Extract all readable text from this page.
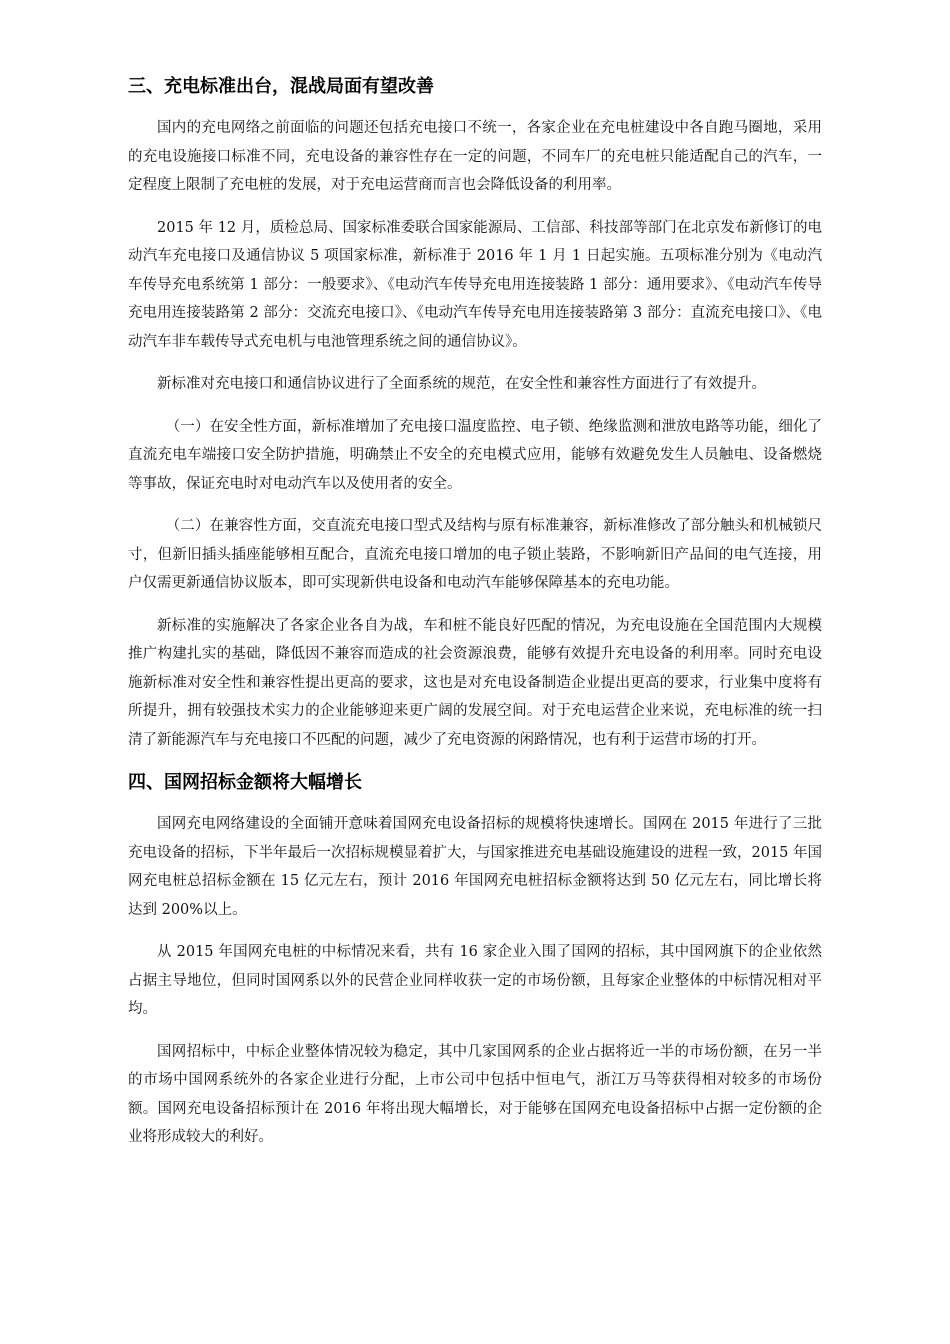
三、充电标准出台，混战局面有望改善

国内的充电网络之前面临的问题还包括充电接口不统一，各家企业在充电桩建设中各自跑马圈地，采用的充电设施接口标准不同，充电设备的兼容性存在一定的问题，不同车厂的充电桩只能适配自己的汽车，一定程度上限制了充电桩的发展，对于充电运营商而言也会降低设备的利用率。

2015 年 12 月，质检总局、国家标准委联合国家能源局、工信部、科技部等部门在北京发布新修订的电动汽车充电接口及通信协议 5 项国家标准，新标准于 2016 年 1 月 1 日起实施。五项标准分别为《电动汽车传导充电系统第 1 部分：一般要求》、《电动汽车传导充电用连接装路 1 部分：通用要求》、《电动汽车传导充电用连接装路第 2 部分：交流充电接口》、《电动汽车传导充电用连接装路第 3 部分：直流充电接口》、《电动汽车非车载传导式充电机与电池管理系统之间的通信协议》。

新标准对充电接口和通信协议进行了全面系统的规范，在安全性和兼容性方面进行了有效提升。

（一）在安全性方面，新标准增加了充电接口温度监控、电子锁、绝缘监测和泄放电路等功能，细化了直流充电车端接口安全防护措施，明确禁止不安全的充电模式应用，能够有效避免发生人员触电、设备燃烧等事故，保证充电时对电动汽车以及使用者的安全。

（二）在兼容性方面，交直流充电接口型式及结构与原有标准兼容，新标准修改了部分触头和机械锁尺寸，但新旧插头插座能够相互配合，直流充电接口增加的电子锁止装路，不影响新旧产品间的电气连接，用户仅需更新通信协议版本，即可实现新供电设备和电动汽车能够保障基本的充电功能。

新标准的实施解决了各家企业各自为战，车和桩不能良好匹配的情况，为充电设施在全国范围内大规模推广构建扎实的基础，降低因不兼容而造成的社会资源浪费，能够有效提升充电设备的利用率。同时充电设施新标准对安全性和兼容性提出更高的要求，这也是对充电设备制造企业提出更高的要求，行业集中度将有所提升，拥有较强技术实力的企业能够迎来更广阔的发展空间。对于充电运营企业来说，充电标准的统一扫清了新能源汽车与充电接口不匹配的问题，减少了充电资源的闲路情况，也有利于运营市场的打开。

四、国网招标金额将大幅增长

国网充电网络建设的全面铺开意味着国网充电设备招标的规模将快速增长。国网在 2015 年进行了三批充电设备的招标，下半年最后一次招标规模显着扩大，与国家推进充电基础设施建设的进程一致，2015 年国网充电桩总招标金额在 15 亿元左右，预计 2016 年国网充电桩招标金额将达到 50 亿元左右，同比增长将达到 200%以上。

从 2015 年国网充电桩的中标情况来看，共有 16 家企业入围了国网的招标，其中国网旗下的企业依然占据主导地位，但同时国网系以外的民营企业同样收获一定的市场份额，且每家企业整体的中标情况相对平均。

国网招标中，中标企业整体情况较为稳定，其中几家国网系的企业占据将近一半的市场份额，在另一半的市场中国网系统外的各家企业进行分配，上市公司中包括中恒电气，浙江万马等获得相对较多的市场份额。国网充电设备招标预计在 2016 年将出现大幅增长，对于能够在国网充电设备招标中占据一定份额的企业将形成较大的利好。
